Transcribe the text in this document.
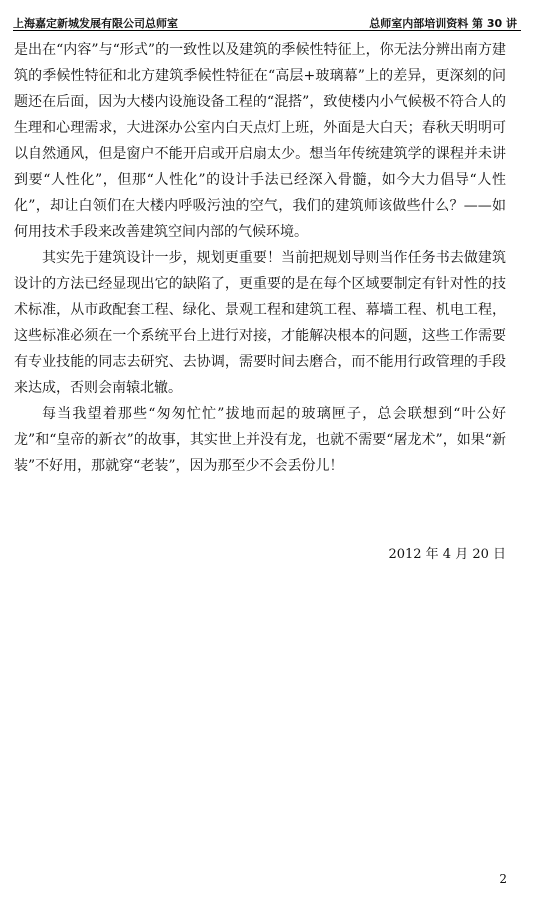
上海嘉定新城发展有限公司总师室	总师室内部培训资料 第 30 讲

是出在“内容”与“形式”的一致性以及建筑的季候性特征上，你无法分辨出南方建筑的季候性特征和北方建筑季候性特征在“高层+玻璃幕”上的差异，更深刻的问题还在后面，因为大楼内设施设备工程的“混搭”，致使楼内小气候极不符合人的生理和心理需求，大进深办公室内白天点灯上班，外面是大白天；春秋天明明可以自然通风，但是窗户不能开启或开启扇太少。想当年传统建筑学的课程并未讲到要“人性化”，但那“人性化”的设计手法已经深入骨髓，如今大力倡导“人性化”，却让白领们在大楼内呼吸污浊的空气，我们的建筑师该做些什么？——如何用技术手段来改善建筑空间内部的气候环境。

其实先于建筑设计一步，规划更重要！当前把规划导则当作任务书去做建筑设计的方法已经显现出它的缺陷了，更重要的是在每个区域要制定有针对性的技术标准，从市政配套工程、绿化、景观工程和建筑工程、幕墙工程、机电工程，这些标准必须在一个系统平台上进行对接，才能解决根本的问题，这些工作需要有专业技能的同志去研究、去协调，需要时间去磨合，而不能用行政管理的手段来达成，否则会南辕北辙。

每当我望着那些“匆匆忙忙”拔地而起的玻璃匣子，总会联想到“叶公好龙”和“皇帝的新衣”的故事，其实世上并没有龙，也就不需要“屠龙术”，如果“新装”不好用，那就穿“老装”，因为那至少不会丢份儿！

2012 年 4 月 20 日
2
